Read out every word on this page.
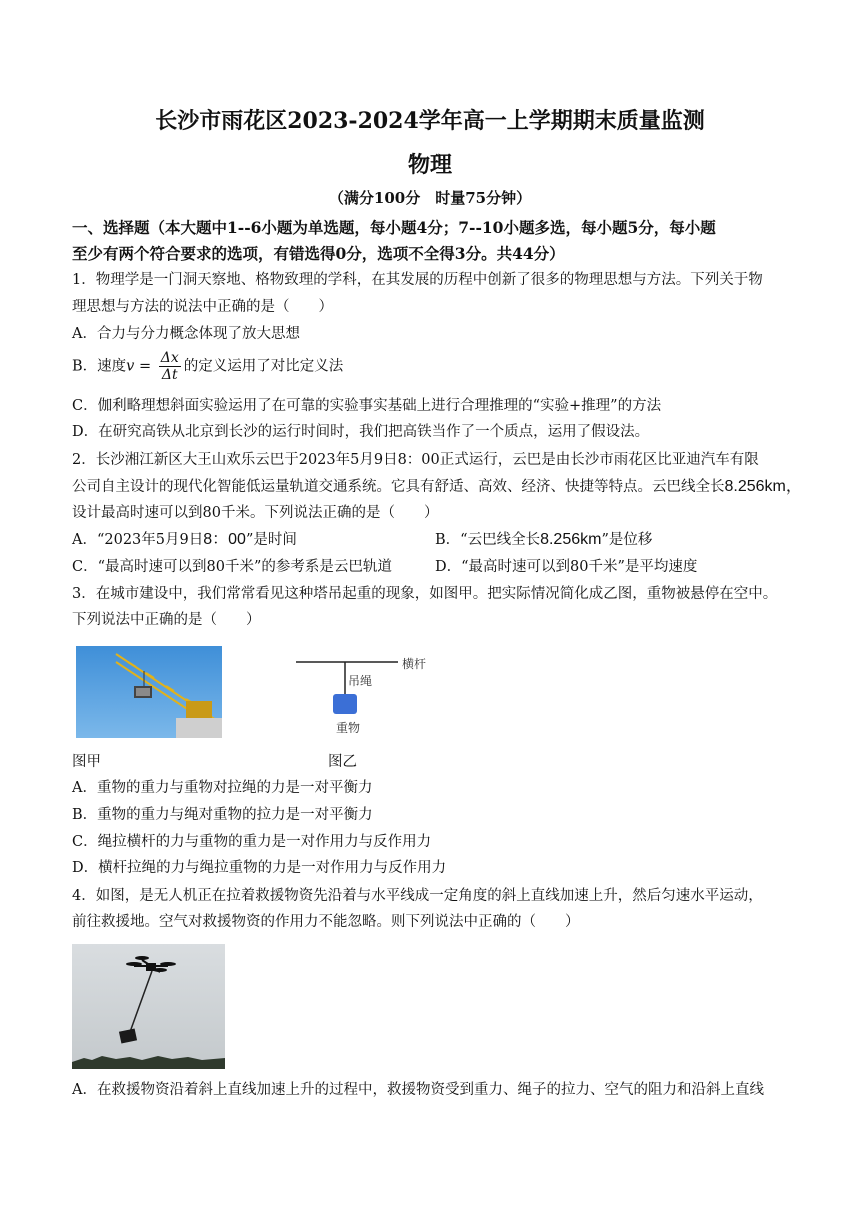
长沙市雨花区2023-2024学年高一上学期期末质量监测
物理
（满分100分　时量75分钟）
一、选择题（本大题中1--6小题为单选题，每小题4分；7--10小题多选，每小题5分，每小题
至少有两个符合要求的选项，有错选得0分，选项不全得3分。共44分）
1．物理学是一门洞天察地、格物致理的学科，在其发展的历程中创新了很多的物理思想与方法。下列关于物
理思想与方法的说法中正确的是（　　）
A．合力与分力概念体现了放大思想
B．速度$v = \frac{\Delta x}{\Delta t}$ 的定义运用了对比定义法
C．伽利略理想斜面实验运用了在可靠的实验事实基础上进行合理推理的“实验+推理”的方法
D．在研究高铁从北京到长沙的运行时间时，我们把高铁当作了一个质点，运用了假设法。
2．长沙湘江新区大王山欢乐云巴于2023年5月9日8：00正式运行，云巴是由长沙市雨花区比亚迪汽车有限
公司自主设计的现代化智能低运量轨道交通系统。它具有舒适、高效、经济、快捷等特点。云巴线全长8.256km，
设计最高时速可以到80千米。下列说法正确的是（　　）
A．“2023年5月9日8：00”是时间	B．“云巴线全长8.256km”是位移
C．“最高时速可以到80千米”的参考系是云巴轨道	D．“最高时速可以到80千米”是平均速度
3．在城市建设中，我们常常看见这种塔吊起重的现象，如图甲。把实际情况简化成乙图，重物被悬停在空中。
下列说法中正确的是（　　）
横杆
吊绳
重物
图甲	图乙
A．重物的重力与重物对拉绳的力是一对平衡力
B．重物的重力与绳对重物的拉力是一对平衡力
C．绳拉横杆的力与重物的重力是一对作用力与反作用力
D．横杆拉绳的力与绳拉重物的力是一对作用力与反作用力
4．如图，是无人机正在拉着救援物资先沿着与水平线成一定角度的斜上直线加速上升，然后匀速水平运动，
前往救援地。空气对救援物资的作用力不能忽略。则下列说法中正确的（　　）
A．在救援物资沿着斜上直线加速上升的过程中，救援物资受到重力、绳子的拉力、空气的阻力和沿斜上直线
